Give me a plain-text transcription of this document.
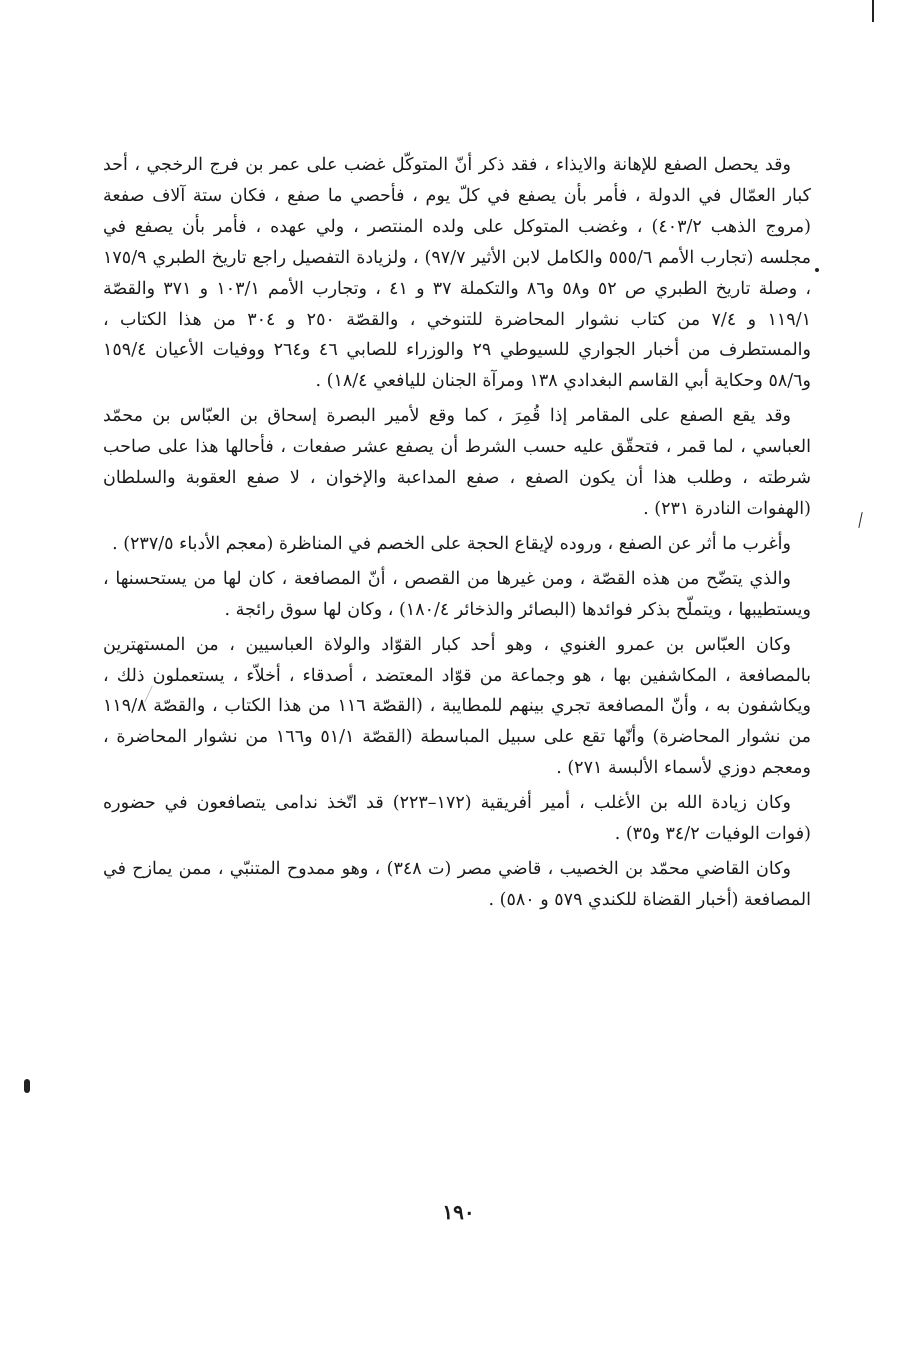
وقد يحصل الصفع للإهانة والايذاء ، فقد ذكر أنّ المتوكّل غضب على عمر بن فرج الرخجي ، أحد كبار العمّال في الدولة ، فأمر بأن يصفع في كلّ يوم ، فأحصي ما صفع ، فكان ستة آلاف صفعة (مروج الذهب ٤٠٣/٢) ، وغضب المتوكل على ولده المنتصر ، ولي عهده ، فأمر بأن يصفع في مجلسه (تجارب الأمم ٥٥٥/٦ والكامل لابن الأثير ٩٧/٧) ، ولزيادة التفصيل راجع تاريخ الطبري ١٧٥/٩ ، وصلة تاريخ الطبري ص ٥٢ و٥٨ و٨٦ والتكملة ٣٧ و ٤١ ، وتجارب الأمم ١٠٣/١ و ٣٧١ والقصّة ١١٩/١ و ٧/٤ من كتاب نشوار المحاضرة للتنوخي ، والقصّة ٢٥٠ و ٣٠٤ من هذا الكتاب ، والمستطرف من أخبار الجواري للسيوطي ٢٩ والوزراء للصابي ٤٦ و٢٦٤ ووفيات الأعيان ١٥٩/٤ و٥٨/٦ وحكاية أبي القاسم البغدادي ١٣٨ ومرآة الجنان لليافعي ١٨/٤) .

وقد يقع الصفع على المقامر إذا قُمِرَ ، كما وقع لأمير البصرة إسحاق بن العبّاس بن محمّد العباسي ، لما قمر ، فتحقّق عليه حسب الشرط أن يصفع عشر صفعات ، فأحالها هذا على صاحب شرطته ، وطلب هذا أن يكون الصفع ، صفع المداعبة والإخوان ، لا صفع العقوبة والسلطان (الهفوات النادرة ٢٣١) .

وأغرب ما أثر عن الصفع ، وروده لإيقاع الحجة على الخصم في المناظرة (معجم الأدباء ٢٣٧/٥) .

والذي يتضّح من هذه القصّة ، ومن غيرها من القصص ، أنّ المصافعة ، كان لها من يستحسنها ، ويستطيبها ، ويتملّح بذكر فوائدها (البصائر والذخائر ١٨٠/٤) ، وكان لها سوق رائجة .

وكان العبّاس بن عمرو الغنوي ، وهو أحد كبار القوّاد والولاة العباسيين ، من المستهترين بالمصافعة ، المكاشفين بها ، هو وجماعة من قوّاد المعتضد ، أصدقاء ، أخلاّء ، يستعملون ذلك ، ويكاشفون به ، وأنّ المصافعة تجري بينهم للمطايبة ، (القصّة ١١٦ من هذا الكتاب ، والقصّة ١١٩/٨ من نشوار المحاضرة) وأنّها تقع على سبيل المباسطة (القصّة ٥١/١ و١٦٦ من نشوار المحاضرة ، ومعجم دوزي لأسماء الألبسة ٢٧١) .

وكان زيادة الله بن الأغلب ، أمير أفريقية (١٧٢–٢٢٣) قد اتّخذ ندامى يتصافعون في حضوره (فوات الوفيات ٣٤/٢ و٣٥) .

وكان القاضي محمّد بن الخصيب ، قاضي مصر (ت ٣٤٨) ، وهو ممدوح المتنبّي ، ممن يمازح في المصافعة (أخبار القضاة للكندي ٥٧٩ و ٥٨٠) .

١٩٠
